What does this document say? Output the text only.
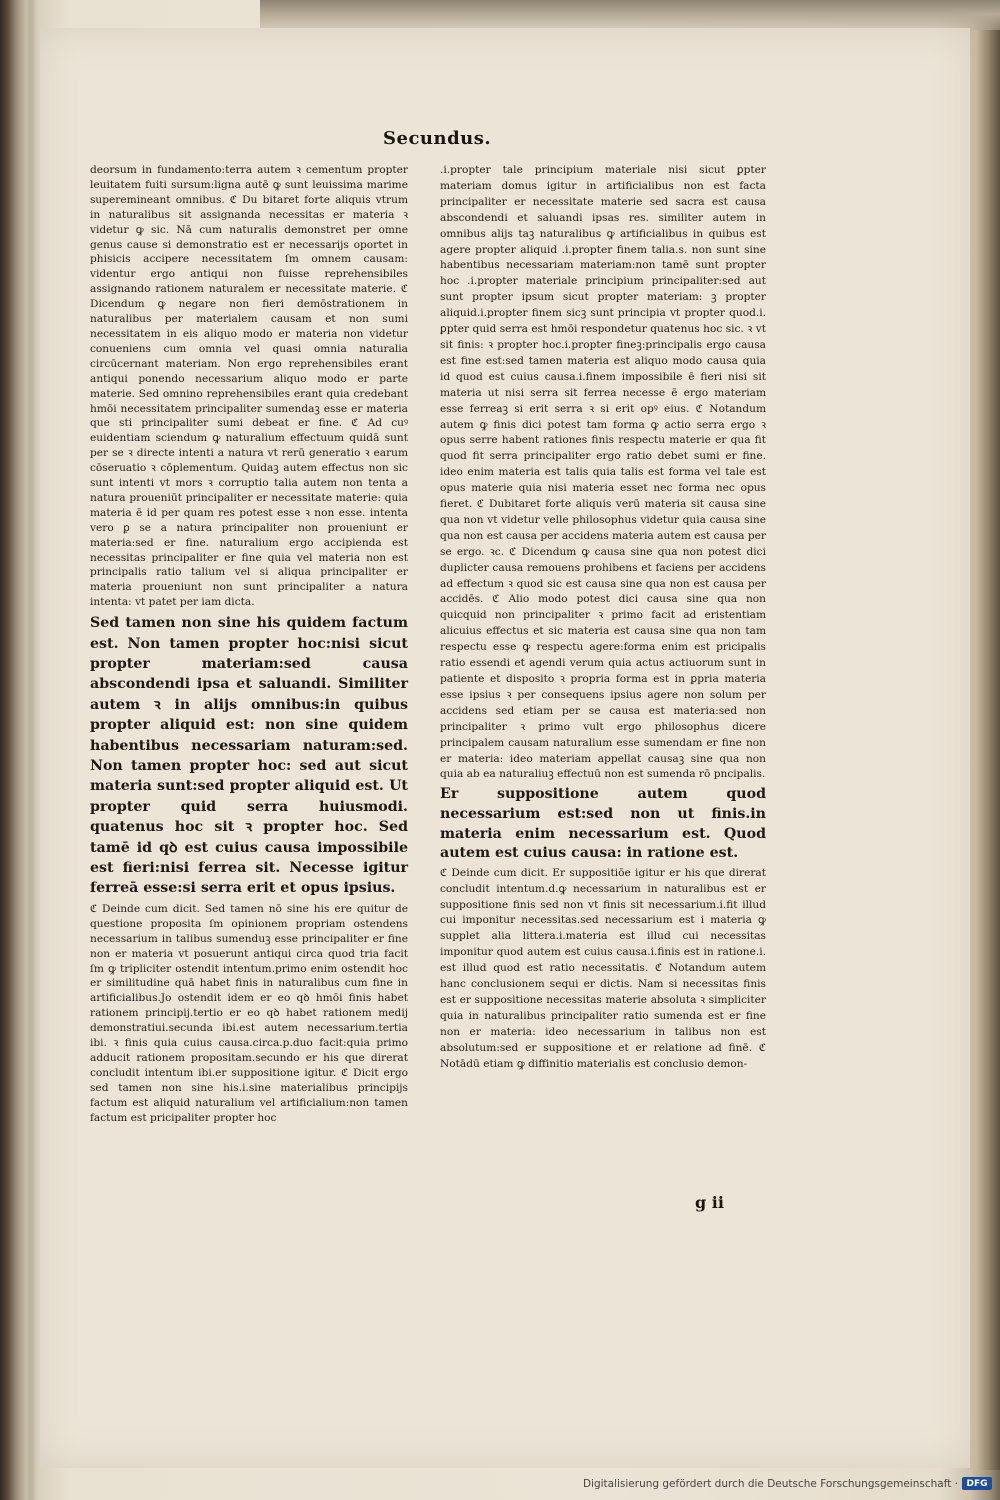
Secundus.

deorsum in fundamento:terra autem ꝛ cementum propter leuitatem fuiti sursum:ligna autē ꝙ sunt leuissima marime superemineant omnibus. ℭ Du bitaret forte aliquis vtrum in naturalibus sit assignanda necessitas er materia ꝛ videtur ꝙ sic. Nā cum naturalis demonstret per omne genus cause si demonstratio est er necessarijs oportet in phisicis accipere necessitatem ſm omnem causam: videntur ergo antiqui non fuisse reprehensibiles assignando rationem naturalem er necessitate materie. ℭ Dicendum ꝙ negare non fieri demōstrationem in naturalibus per materialem causam et non sumi necessitatem in eis aliquo modo er materia non videtur conueniens cum omnia vel quasi omnia naturalia circūcernant materiam. Non ergo reprehensibiles erant antiqui ponendo necessarium aliquo modo er parte materie. Sed omnino reprehensibiles erant quia credebant hmōi necessitatem principaliter sumendaꝫ esse er materia que sti principaliter sumi debeat er fine. ℭ Ad cuꝰ euidentiam sciendum ꝙ naturalium effectuum quidā sunt per se ꝛ directe intenti a natura vt rerū generatio ꝛ earum cōseruatio ꝛ cōplementum. Quidaꝫ autem effectus non sic sunt intenti vt mors ꝛ corruptio talia autem non tenta a natura proueniūt principaliter er necessitate materie: quia materia ē id per quam res potest esse ꝛ non esse. intenta vero ꝑ se a natura principaliter non proueniunt er materia:sed er fine. naturalium ergo accipienda est necessitas principaliter er fine quia vel materia non est principalis ratio talium vel si aliqua principaliter er materia proueniunt non sunt principaliter a natura intenta: vt patet per iam dicta.

Sed tamen non sine his quidem factum est. Non tamen propter hoc:nisi sicut propter materiam:sed causa abscondendi ipsa et saluandi. Similiter autem ꝛ in alijs omnibus:in quibus propter aliquid est: non sine quidem habentibus necessariam naturam:sed. Non tamen propter hoc: sed aut sicut materia sunt:sed propter aliquid est. Ut propter quid serra huiusmodi. quatenus hoc sit ꝛ propter hoc. Sed tamē id qꝺ est cuius causa impossibile est fieri:nisi ferrea sit. Necesse igitur ferreā esse:si serra erit et opus ipsius.

ℭ Deinde cum dicit. Sed tamen nō sine his ere quitur de questione proposita ſm opinionem propriam ostendens necessarium in talibus sumenduꝫ esse principaliter er fine non er materia vt posuerunt antiqui circa quod tria facit ſm ꝙ tripliciter ostendit intentum.primo enim ostendit hoc er similitudine quā habet finis in naturalibus cum fine in artificialibus.Jo ostendit idem er eo qꝺ hmōi finis habet rationem principij.tertio er eo qꝺ habet rationem medij demonstratiui.secunda ibi.est autem necessarium.tertia ibi. ꝛ finis quia cuius causa.circa.p.duo facit:quia primo adducit rationem propositam.secundo er his que direrat concludit intentum ibi.er suppositione igitur. ℭ Dicit ergo sed tamen non sine his.i.sine materialibus principijs factum est aliquid naturalium vel artificialium:non tamen factum est pricipaliter propter hoc

.i.propter tale principium materiale nisi sicut ꝑpter materiam domus igitur in artificialibus non est facta principaliter er necessitate materie sed sacra est causa abscondendi et saluandi ipsas res. similiter autem in omnibus alijs taꝫ naturalibus ꝙ artificialibus in quibus est agere propter aliquid .i.propter finem talia.s. non sunt sine habentibus necessariam materiam:non tamē sunt propter hoc .i.propter materiale principium principaliter:sed aut sunt propter ipsum sicut propter materiam: ꝫ propter aliquid.i.propter finem sicꝫ sunt principia vt propter quod.i. ꝑpter quid serra est hmōi respondetur quatenus hoc sic. ꝛ vt sit finis: ꝛ propter hoc.i.propter fineꝫ:principalis ergo causa est fine est:sed tamen materia est aliquo modo causa quia id quod est cuius causa.i.finem impossibile ē fieri nisi sit materia ut nisi serra sit ferrea necesse ē ergo materiam esse ferreaꝫ si erit serra ꝛ si erit opꝰ eius. ℭ Notandum autem ꝙ finis dici potest tam forma ꝙ actio serra ergo ꝛ opus serre habent rationes finis respectu materie er qua fit quod fit serra principaliter ergo ratio debet sumi er fine. ideo enim materia est talis quia talis est forma vel tale est opus materie quia nisi materia esset nec forma nec opus fieret. ℭ Dubitaret forte aliquis verū materia sit causa sine qua non vt videtur velle philosophus videtur quia causa sine qua non est causa per accidens materia autem est causa per se ergo. ꝛc. ℭ Dicendum ꝙ causa sine qua non potest dici duplicter causa remouens prohibens et faciens per accidens ad effectum ꝛ quod sic est causa sine qua non est causa per accidēs. ℭ Alio modo potest dici causa sine qua non quicquid non principaliter ꝛ primo facit ad eristentiam alicuius effectus et sic materia est causa sine qua non tam respectu esse ꝙ respectu agere:forma enim est pricipalis ratio essendi et agendi verum quia actus actiuorum sunt in patiente et disposito ꝛ propria forma est in ꝑpria materia esse ipsius ꝛ per consequens ipsius agere non solum per accidens sed etiam per se causa est materia:sed non principaliter ꝛ primo vult ergo philosophus dicere principalem causam naturalium esse sumendam er fine non er materia: ideo materiam appellat causaꝫ sine qua non quia ab ea naturaliuꝫ effectuū non est sumenda rō pncipalis.

Er suppositione autem quod necessarium est:sed non ut finis.in materia enim necessarium est. Quod autem est cuius causa: in ratione est.

ℭ Deinde cum dicit. Er suppositiōe igitur er his que direrat concludit intentum.d.ꝙ necessarium in naturalibus est er suppositione finis sed non vt finis sit necessarium.i.fit illud cui imponitur necessitas.sed necessarium est i materia ꝙ supplet alia littera.i.materia est illud cui necessitas imponitur quod autem est cuius causa.i.finis est in ratione.i. est illud quod est ratio necessitatis. ℭ Notandum autem hanc conclusionem sequi er dictis. Nam si necessitas finis est er suppositione necessitas materie absoluta ꝛ simpliciter quia in naturalibus principaliter ratio sumenda est er fine non er materia: ideo necessarium in talibus non est absolutum:sed er suppositione et er relatione ad finē. ℭ Notādū etiam ꝙ diffinitio materialis est conclusio demon-

g ii
Digitalisierung gefördert durch die Deutsche Forschungsgemeinschaft · DFG
